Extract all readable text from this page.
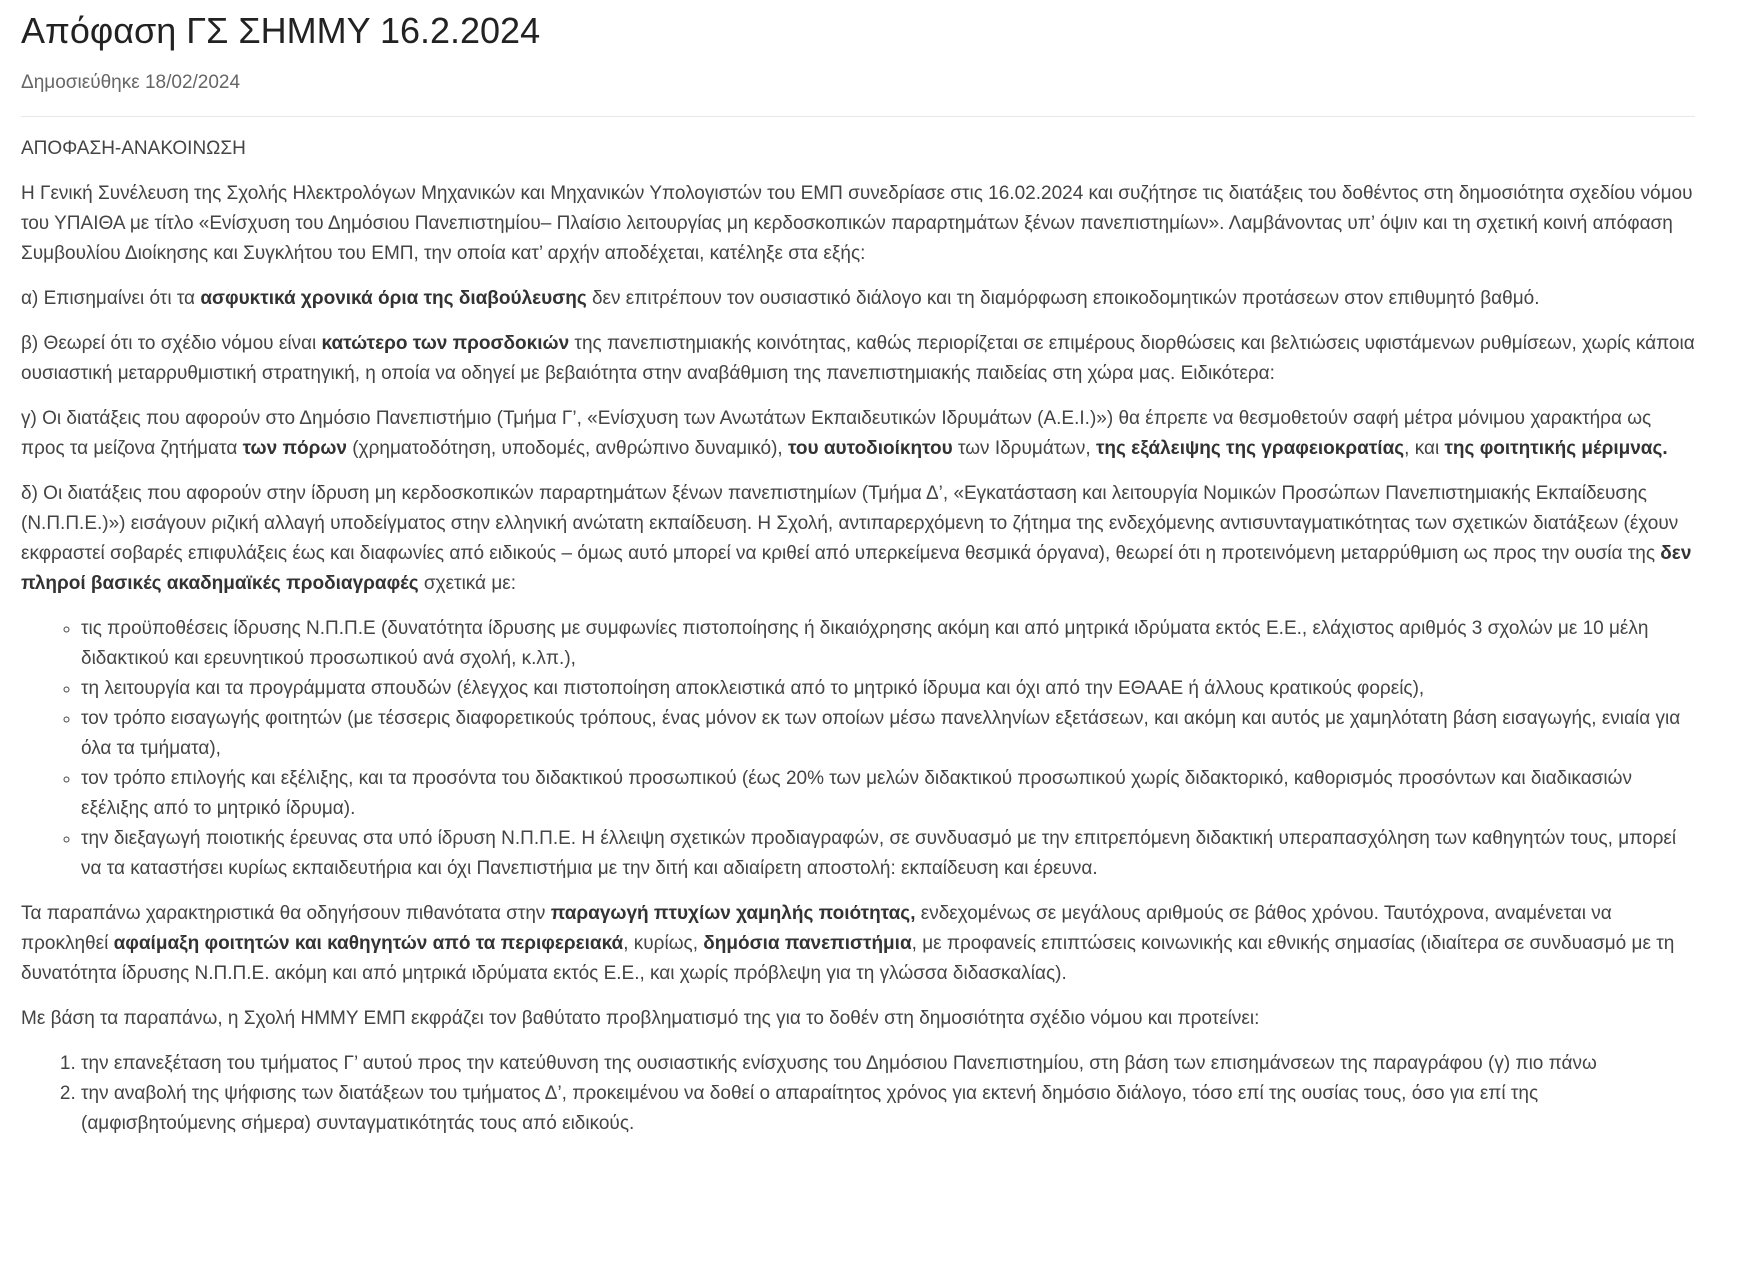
Απόφαση ΓΣ ΣΗΜΜΥ 16.2.2024
Δημοσιεύθηκε 18/02/2024

ΑΠΟΦΑΣΗ-ΑΝΑΚΟΙΝΩΣΗ

Η Γενική Συνέλευση της Σχολής Ηλεκτρολόγων Μηχανικών και Μηχανικών Υπολογιστών του ΕΜΠ συνεδρίασε στις 16.02.2024 και συζήτησε τις διατάξεις του δοθέντος στη δημοσιότητα σχεδίου νόμου του ΥΠΑΙΘΑ με τίτλο «Ενίσχυση του Δημόσιου Πανεπιστημίου– Πλαίσιο λειτουργίας μη κερδοσκοπικών παραρτημάτων ξένων πανεπιστημίων». Λαμβάνοντας υπ’ όψιν και τη σχετική κοινή απόφαση Συμβουλίου Διοίκησης και Συγκλήτου του ΕΜΠ, την οποία κατ’ αρχήν αποδέχεται, κατέληξε στα εξής:

α) Επισημαίνει ότι τα ασφυκτικά χρονικά όρια της διαβούλευσης δεν επιτρέπουν τον ουσιαστικό διάλογο και τη διαμόρφωση εποικοδομητικών προτάσεων στον επιθυμητό βαθμό.

β) Θεωρεί ότι το σχέδιο νόμου είναι κατώτερο των προσδοκιών της πανεπιστημιακής κοινότητας, καθώς περιορίζεται σε επιμέρους διορθώσεις και βελτιώσεις υφιστάμενων ρυθμίσεων, χωρίς κάποια ουσιαστική μεταρρυθμιστική στρατηγική, η οποία να οδηγεί με βεβαιότητα στην αναβάθμιση της πανεπιστημιακής παιδείας στη χώρα μας. Ειδικότερα:

γ) Οι διατάξεις που αφορούν στο Δημόσιο Πανεπιστήμιο (Τμήμα Γ’, «Ενίσχυση των Ανωτάτων Εκπαιδευτικών Ιδρυμάτων (Α.Ε.Ι.)») θα έπρεπε να θεσμοθετούν σαφή μέτρα μόνιμου χαρακτήρα ως προς τα μείζονα ζητήματα των πόρων (χρηματοδότηση, υποδομές, ανθρώπινο δυναμικό), του αυτοδιοίκητου των Ιδρυμάτων, της εξάλειψης της γραφειοκρατίας, και της φοιτητικής μέριμνας.

δ) Οι διατάξεις που αφορούν στην ίδρυση μη κερδοσκοπικών παραρτημάτων ξένων πανεπιστημίων (Τμήμα Δ’, «Εγκατάσταση και λειτουργία Νομικών Προσώπων Πανεπιστημιακής Εκπαίδευσης (Ν.Π.Π.Ε.)») εισάγουν ριζική αλλαγή υποδείγματος στην ελληνική ανώτατη εκπαίδευση. Η Σχολή, αντιπαρερχόμενη το ζήτημα της ενδεχόμενης αντισυνταγματικότητας των σχετικών διατάξεων (έχουν εκφραστεί σοβαρές επιφυλάξεις έως και διαφωνίες από ειδικούς – όμως αυτό μπορεί να κριθεί από υπερκείμενα θεσμικά όργανα), θεωρεί ότι η προτεινόμενη μεταρρύθμιση ως προς την ουσία της δεν πληροί βασικές ακαδημαϊκές προδιαγραφές σχετικά με:

◦ τις προϋποθέσεις ίδρυσης Ν.Π.Π.Ε (δυνατότητα ίδρυσης με συμφωνίες πιστοποίησης ή δικαιόχρησης ακόμη και από μητρικά ιδρύματα εκτός Ε.Ε., ελάχιστος αριθμός 3 σχολών με 10 μέλη διδακτικού και ερευνητικού προσωπικού ανά σχολή, κ.λπ.),
◦ τη λειτουργία και τα προγράμματα σπουδών (έλεγχος και πιστοποίηση αποκλειστικά από το μητρικό ίδρυμα και όχι από την ΕΘΑΑΕ ή άλλους κρατικούς φορείς),
◦ τον τρόπο εισαγωγής φοιτητών (με τέσσερις διαφορετικούς τρόπους, ένας μόνον εκ των οποίων μέσω πανελληνίων εξετάσεων, και ακόμη και αυτός με χαμηλότατη βάση εισαγωγής, ενιαία για όλα τα τμήματα),
◦ τον τρόπο επιλογής και εξέλιξης, και τα προσόντα του διδακτικού προσωπικού (έως 20% των μελών διδακτικού προσωπικού χωρίς διδακτορικό, καθορισμός προσόντων και διαδικασιών εξέλιξης από το μητρικό ίδρυμα).
◦ την διεξαγωγή ποιοτικής έρευνας στα υπό ίδρυση Ν.Π.Π.Ε. Η έλλειψη σχετικών προδιαγραφών, σε συνδυασμό με την επιτρεπόμενη διδακτική υπεραπασχόληση των καθηγητών τους, μπορεί να τα καταστήσει κυρίως εκπαιδευτήρια και όχι Πανεπιστήμια με την διτή και αδιαίρετη αποστολή: εκπαίδευση και έρευνα.

Τα παραπάνω χαρακτηριστικά θα οδηγήσουν πιθανότατα στην παραγωγή πτυχίων χαμηλής ποιότητας, ενδεχομένως σε μεγάλους αριθμούς σε βάθος χρόνου. Ταυτόχρονα, αναμένεται να προκληθεί αφαίμαξη φοιτητών και καθηγητών από τα περιφερειακά, κυρίως, δημόσια πανεπιστήμια, με προφανείς επιπτώσεις κοινωνικής και εθνικής σημασίας (ιδιαίτερα σε συνδυασμό με τη δυνατότητα ίδρυσης Ν.Π.Π.Ε. ακόμη και από μητρικά ιδρύματα εκτός Ε.Ε., και χωρίς πρόβλεψη για τη γλώσσα διδασκαλίας).

Με βάση τα παραπάνω, η Σχολή ΗΜΜΥ ΕΜΠ εκφράζει τον βαθύτατο προβληματισμό της για το δοθέν στη δημοσιότητα σχέδιο νόμου και προτείνει:

1. την επανεξέταση του τμήματος Γ’ αυτού προς την κατεύθυνση της ουσιαστικής ενίσχυσης του Δημόσιου Πανεπιστημίου, στη βάση των επισημάνσεων της παραγράφου (γ) πιο πάνω
2. την αναβολή της ψήφισης των διατάξεων του τμήματος Δ’, προκειμένου να δοθεί ο απαραίτητος χρόνος για εκτενή δημόσιο διάλογο, τόσο επί της ουσίας τους, όσο για επί της (αμφισβητούμενης σήμερα) συνταγματικότητάς τους από ειδικούς.
